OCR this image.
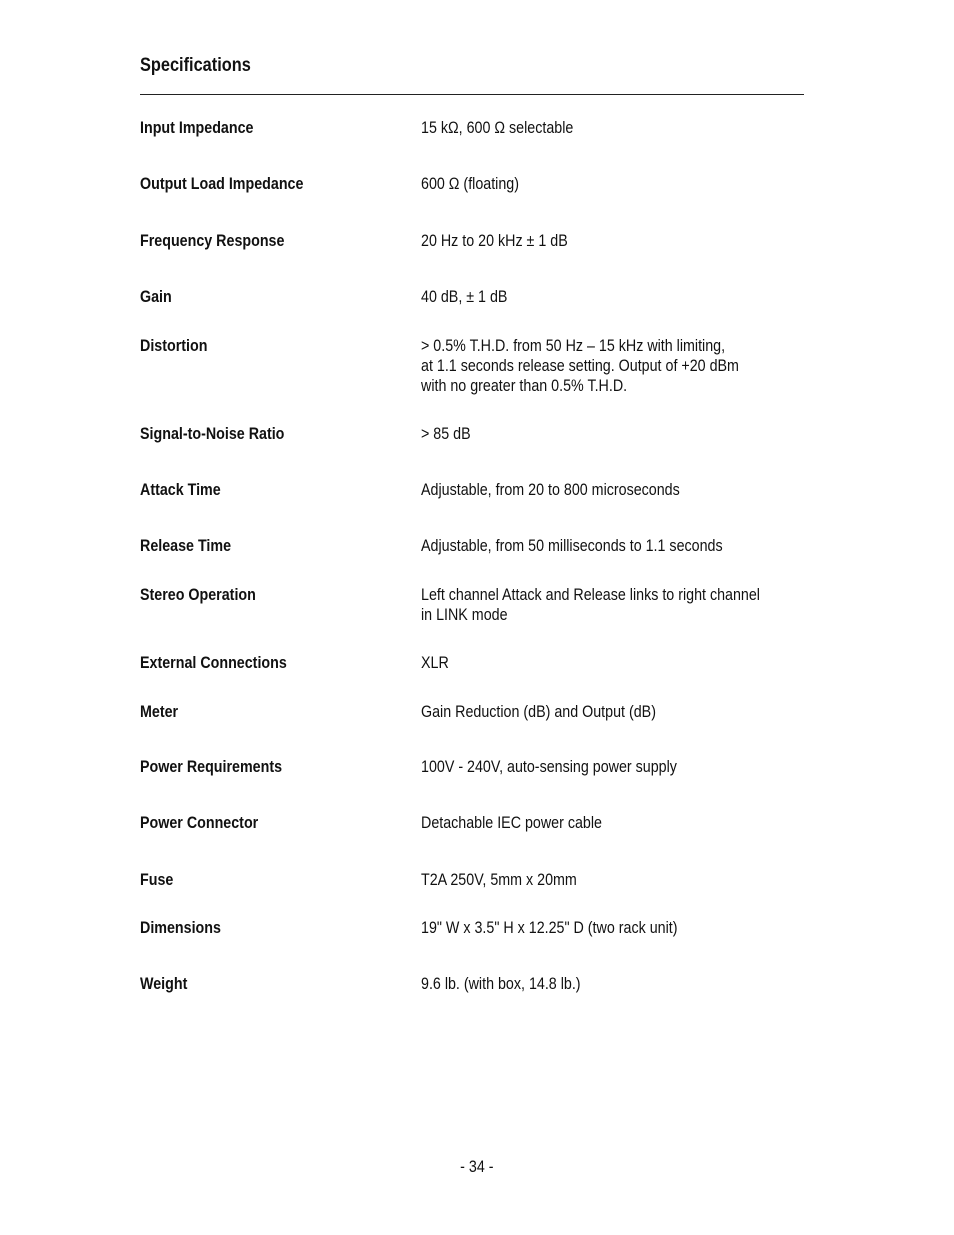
Specifications
Input Impedance	15 kΩ, 600 Ω selectable
Output Load Impedance	600 Ω (floating)
Frequency Response	20 Hz to 20 kHz ± 1 dB
Gain	40 dB, ± 1 dB
Distortion	> 0.5% T.H.D. from 50 Hz – 15 kHz with limiting,
at 1.1 seconds release setting. Output of +20 dBm
with no greater than 0.5% T.H.D.
Signal-to-Noise Ratio	> 85 dB
Attack Time	Adjustable, from 20 to 800 microseconds
Release Time	Adjustable, from 50 milliseconds to 1.1 seconds
Stereo Operation	Left channel Attack and Release links to right channel
in LINK mode
External Connections	XLR
Meter	Gain Reduction (dB) and Output (dB)
Power Requirements	100V - 240V, auto-sensing power supply
Power Connector	Detachable IEC power cable
Fuse	T2A 250V, 5mm x 20mm
Dimensions	19" W x 3.5" H x 12.25" D (two rack unit)
Weight	9.6 lb. (with box, 14.8 lb.)
- 34 -
